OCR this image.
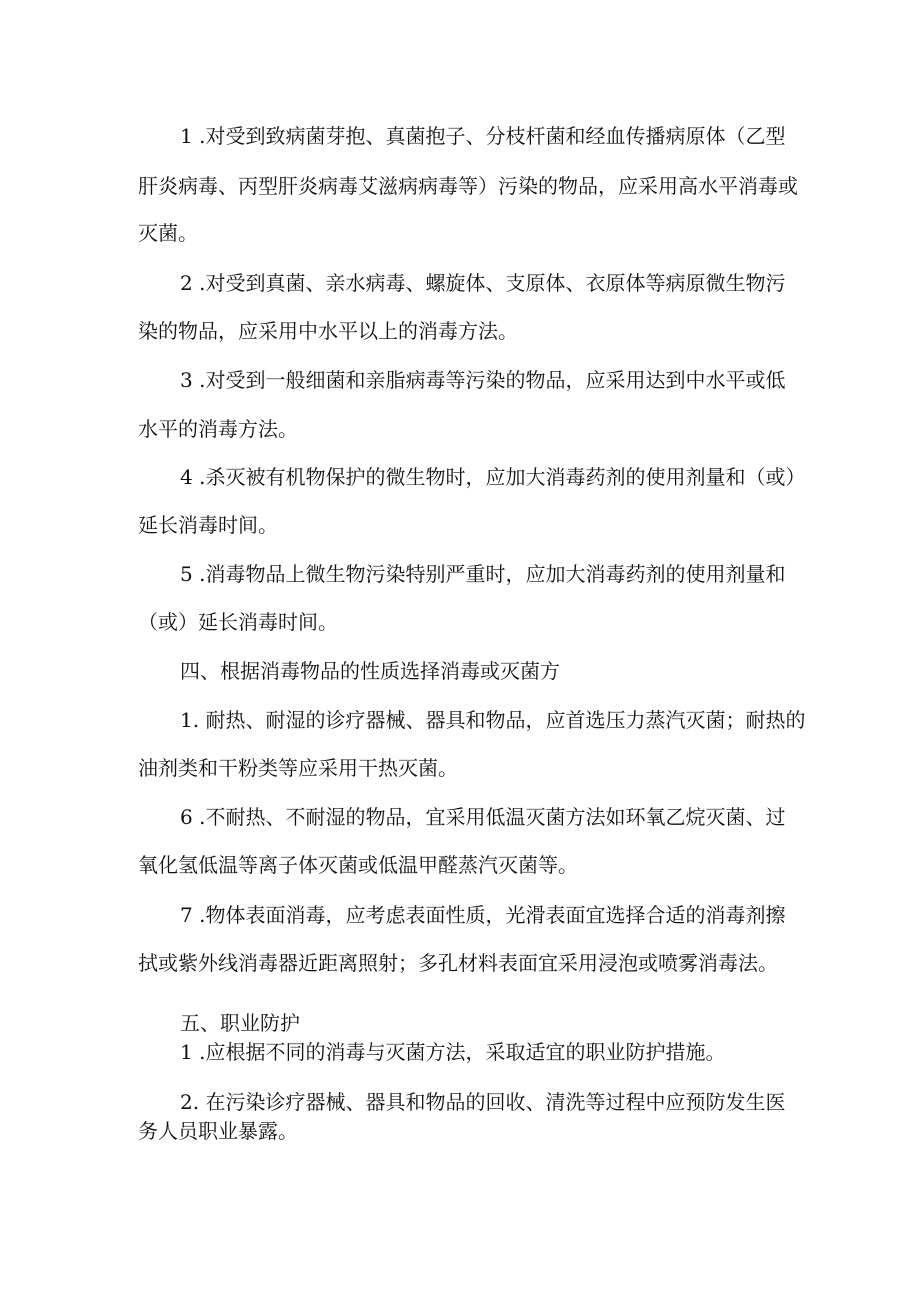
1 .对受到致病菌芽抱、真菌抱子、分枝杆菌和经血传播病原体（乙型
肝炎病毒、丙型肝炎病毒艾滋病病毒等）污染的物品，应采用高水平消毒或
灭菌。
2 .对受到真菌、亲水病毒、螺旋体、支原体、衣原体等病原微生物污
染的物品，应采用中水平以上的消毒方法。
3 .对受到一般细菌和亲脂病毒等污染的物品，应采用达到中水平或低
水平的消毒方法。
4 .杀灭被有机物保护的微生物时，应加大消毒药剂的使用剂量和（或）
延长消毒时间。
5 .消毒物品上微生物污染特别严重时，应加大消毒药剂的使用剂量和
（或）延长消毒时间。
四、根据消毒物品的性质选择消毒或灭菌方
1. 耐热、耐湿的诊疗器械、器具和物品，应首选压力蒸汽灭菌；耐热的
油剂类和干粉类等应采用干热灭菌。
6 .不耐热、不耐湿的物品，宜采用低温灭菌方法如环氧乙烷灭菌、过
氧化氢低温等离子体灭菌或低温甲醛蒸汽灭菌等。
7 .物体表面消毒，应考虑表面性质，光滑表面宜选择合适的消毒剂擦
拭或紫外线消毒器近距离照射；多孔材料表面宜采用浸泡或喷雾消毒法。
五、职业防护
1 .应根据不同的消毒与灭菌方法，采取适宜的职业防护措施。
2. 在污染诊疗器械、器具和物品的回收、清洗等过程中应预防发生医
务人员职业暴露。
